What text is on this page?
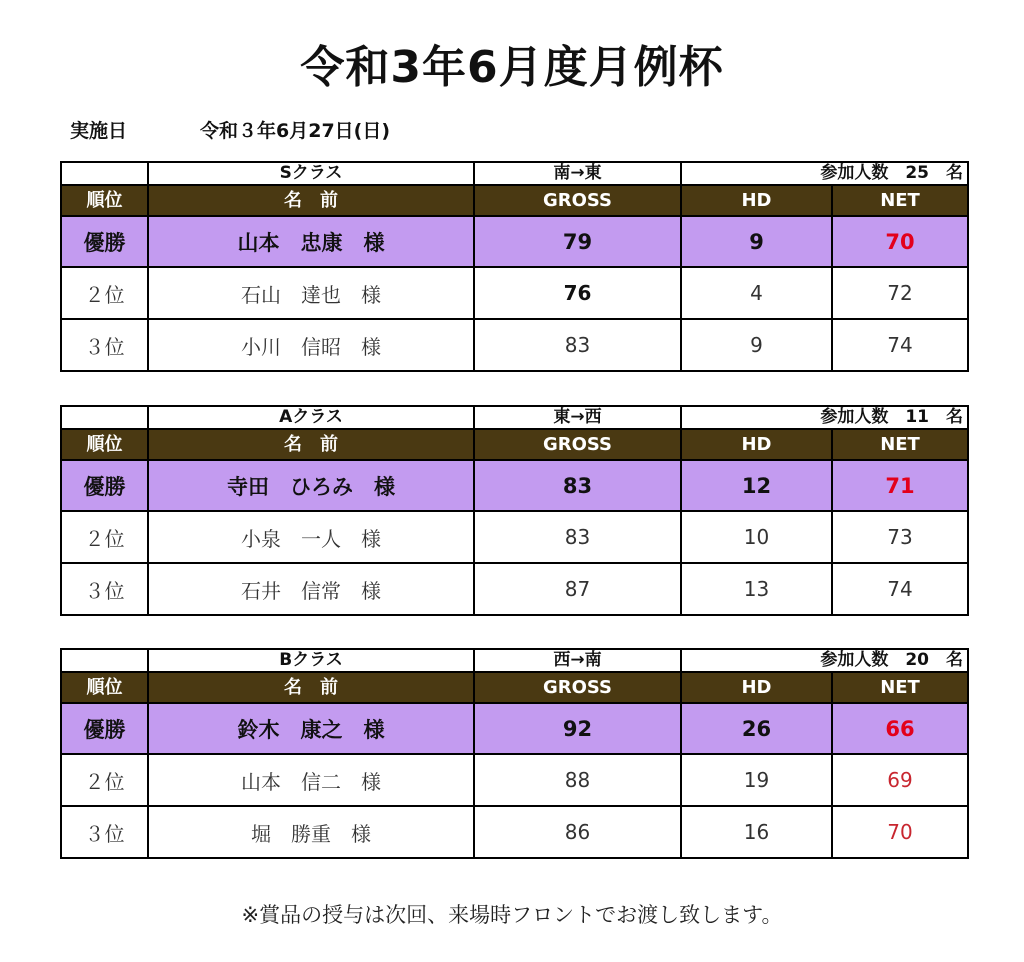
令和3年6月度月例杯
実施日	令和３年6月27日(日)
	Sクラス	南→東	参加人数　25　名	
順位	名　前	GROSS	HD	NET
優勝	山本　忠康　様	79	9	70
２位	石山　達也　様	76	4	72
３位	小川　信昭　様	83	9	74
	Aクラス	東→西	参加人数　11　名	
順位	名　前	GROSS	HD	NET
優勝	寺田　ひろみ　様	83	12	71
２位	小泉　一人　様	83	10	73
３位	石井　信常　様	87	13	74
	Bクラス	西→南	参加人数　20　名	
順位	名　前	GROSS	HD	NET
優勝	鈴木　康之　様	92	26	66
２位	山本　信二　様	88	19	69
３位	堀　勝重　様	86	16	70
※賞品の授与は次回、来場時フロントでお渡し致します。
